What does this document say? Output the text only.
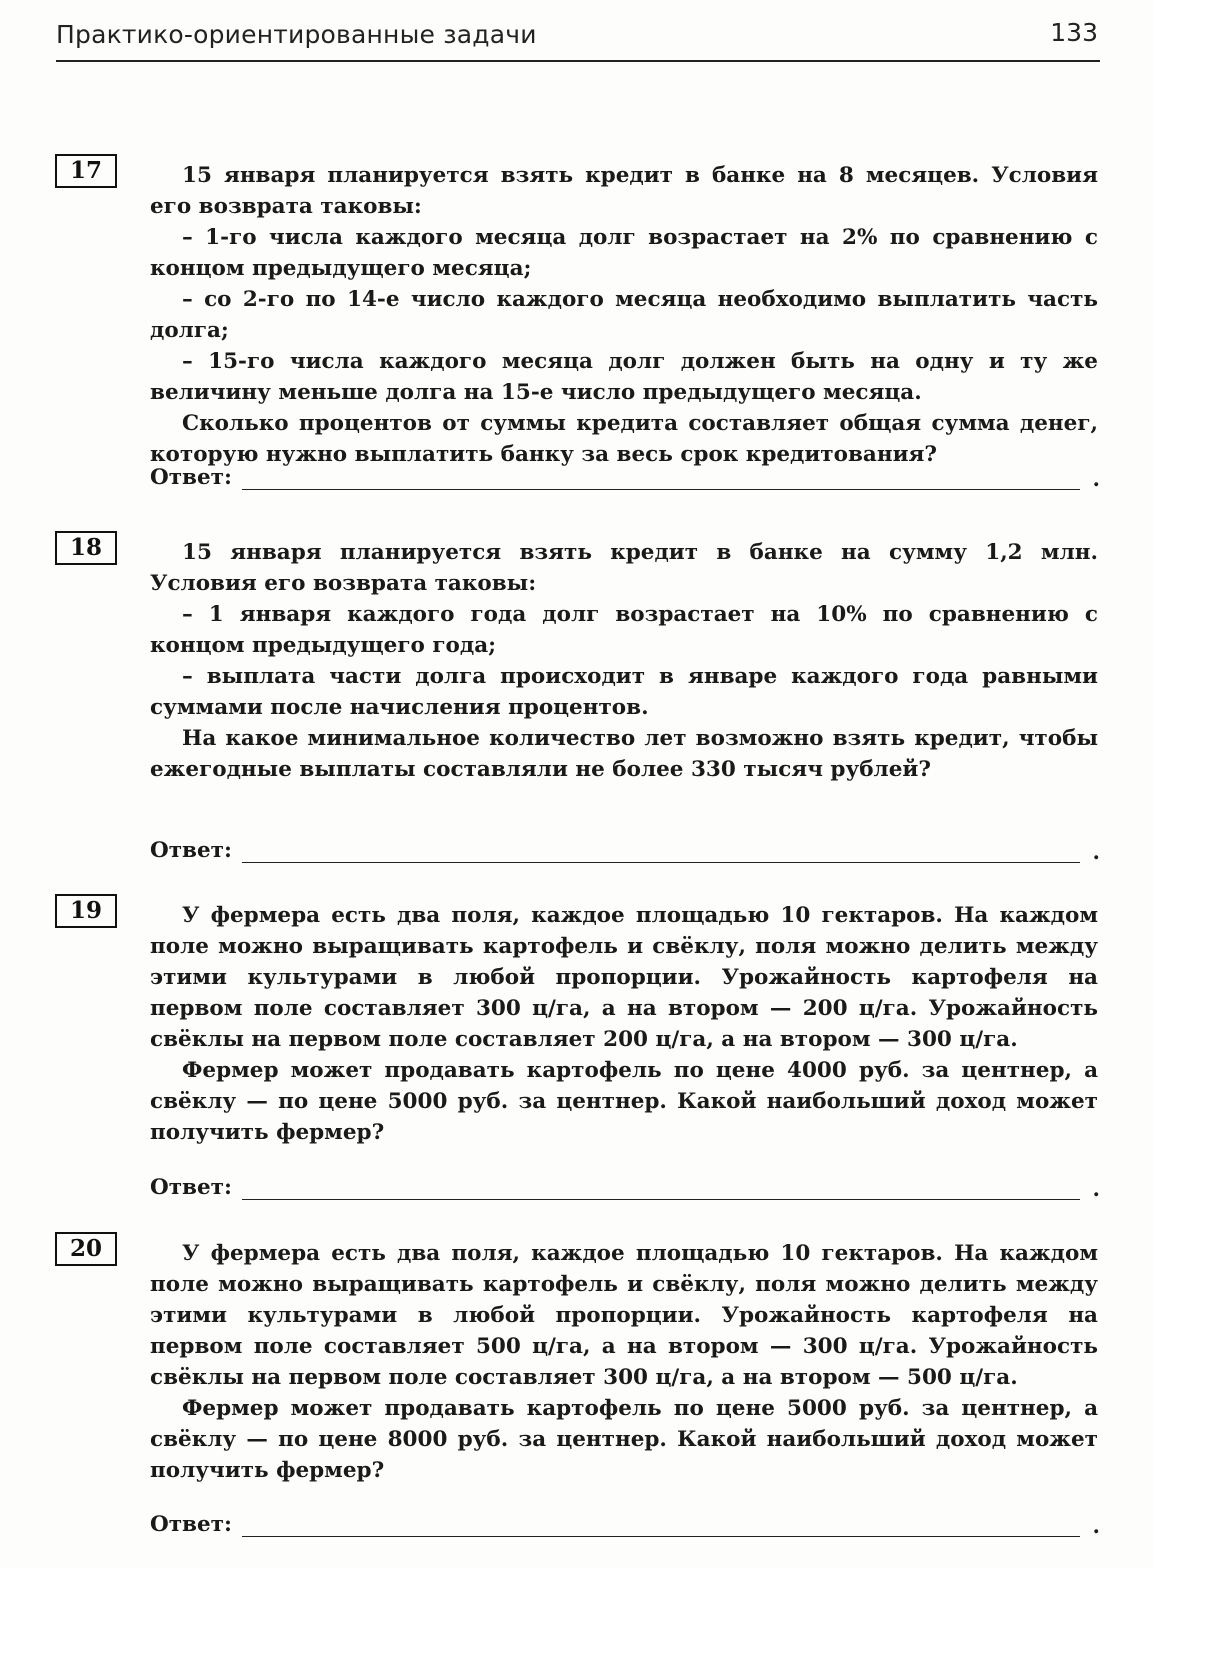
Практико-ориентированные задачи	133
17	15 января планируется взять кредит в банке на 8 месяцев. Условия его возврата таковы:

– 1-го числа каждого месяца долг возрастает на 2% по сравнению с концом предыдущего месяца;

– со 2-го по 14-е число каждого месяца необходимо выплатить часть долга;

– 15-го числа каждого месяца долг должен быть на одну и ту же величину меньше долга на 15-е число предыдущего месяца.

Сколько процентов от суммы кредита составляет общая сумма денег, которую нужно выплатить банку за весь срок кредитования?

Ответ:	.
18	15 января планируется взять кредит в банке на сумму 1,2 млн. Условия его возврата таковы:

– 1 января каждого года долг возрастает на 10% по сравнению с концом предыдущего года;

– выплата части долга происходит в январе каждого года равными суммами после начисления процентов.

На какое минимальное количество лет возможно взять кредит, чтобы ежегодные выплаты составляли не более 330 тысяч рублей?

Ответ:	.
19	У фермера есть два поля, каждое площадью 10 гектаров. На каждом поле можно выращивать картофель и свёклу, поля можно делить между этими культурами в любой пропорции. Урожайность картофеля на первом поле составляет 300 ц/га, а на втором — 200 ц/га. Урожайность свёклы на первом поле составляет 200 ц/га, а на втором — 300 ц/га.

Фермер может продавать картофель по цене 4000 руб. за центнер, а свёклу — по цене 5000 руб. за центнер. Какой наибольший доход может получить фермер?

Ответ:	.
20	У фермера есть два поля, каждое площадью 10 гектаров. На каждом поле можно выращивать картофель и свёклу, поля можно делить между этими культурами в любой пропорции. Урожайность картофеля на первом поле составляет 500 ц/га, а на втором — 300 ц/га. Урожайность свёклы на первом поле составляет 300 ц/га, а на втором — 500 ц/га.

Фермер может продавать картофель по цене 5000 руб. за центнер, а свёклу — по цене 8000 руб. за центнер. Какой наибольший доход может получить фермер?

Ответ:	.
